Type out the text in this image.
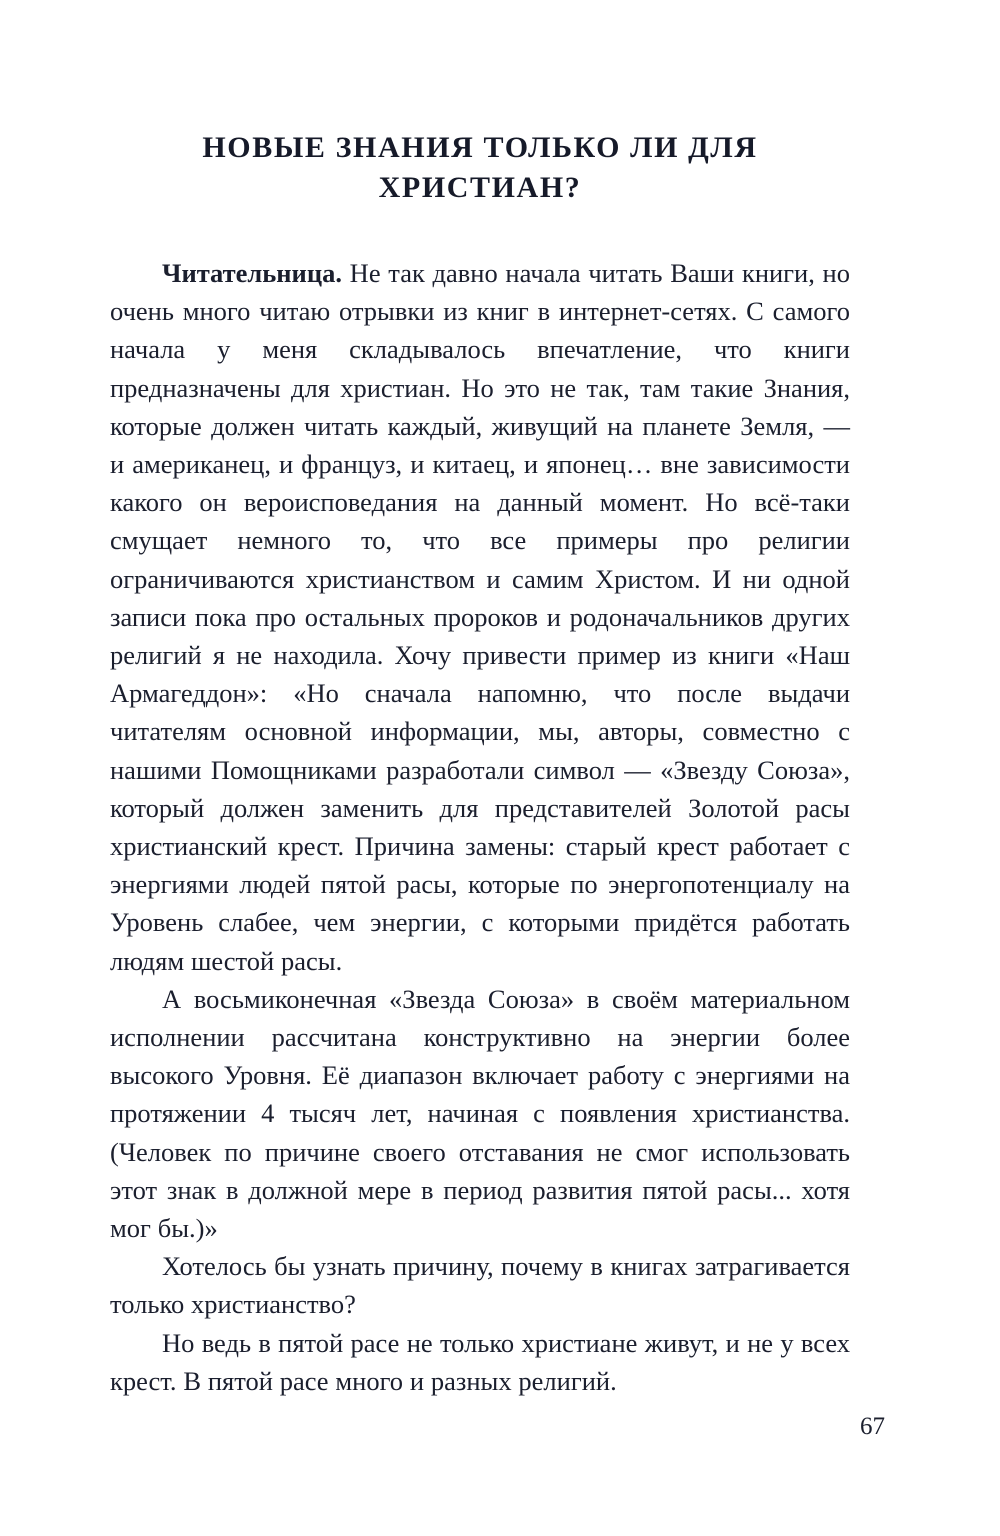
НОВЫЕ ЗНАНИЯ ТОЛЬКО ЛИ ДЛЯ
ХРИСТИАН?

Читательница. Не так давно начала читать Ваши книги, но очень много читаю отрывки из книг в интернет-сетях. С самого начала у меня складывалось впечатление, что книги предназначены для христиан. Но это не так, там такие Знания, которые должен читать каждый, живущий на планете Земля, — и американец, и француз, и китаец, и японец… вне зависимости какого он вероисповедания на данный момент. Но всё-таки смущает немного то, что все примеры про религии ограничиваются христианством и самим Христом. И ни одной записи пока про остальных пророков и родоначальников других религий я не находила. Хочу привести пример из книги «Наш Армагеддон»: «Но сначала напомню, что после выдачи читателям основной информации, мы, авторы, совместно с нашими Помощниками разработали символ — «Звезду Союза», который должен заменить для представителей Золотой расы христианский крест. Причина замены: старый крест работает с энергиями людей пятой расы, которые по энергопотенциалу на Уровень слабее, чем энергии, с которыми придётся работать людям шестой расы.

А восьмиконечная «Звезда Союза» в своём материальном исполнении рассчитана конструктивно на энергии более высокого Уровня. Её диапазон включает работу с энергиями на протяжении 4 тысяч лет, начиная с появления христианства. (Человек по причине своего отставания не смог использовать этот знак в должной мере в период развития пятой расы... хотя мог бы.)»

Хотелось бы узнать причину, почему в книгах затрагивается только христианство?

Но ведь в пятой расе не только христиане живут, и не у всех крест. В пятой расе много и разных религий.

67
